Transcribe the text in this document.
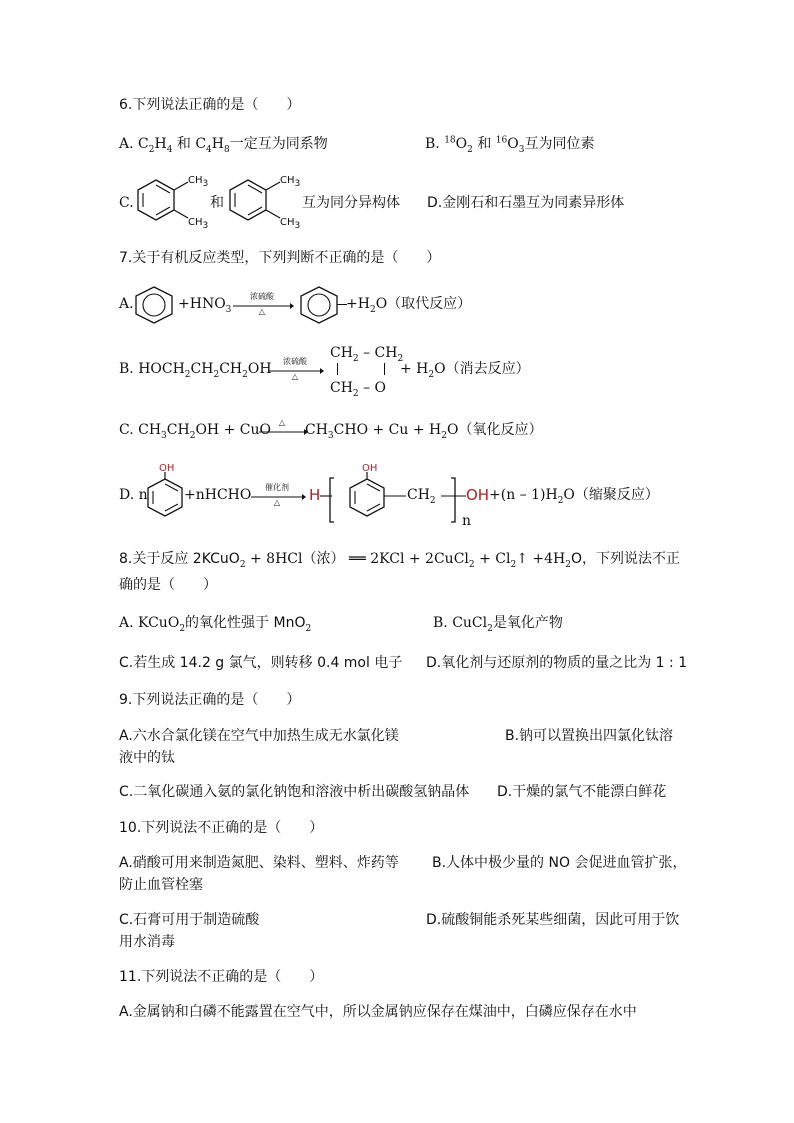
6.下列说法正确的是（　　）
A. $C_2H_4$ 和 $C_4H_8$一定互为同系物	B. $^{18}O_2$ 和 $^{16}O_3$互为同位素
C.
$CH_3$
$CH_3$
和
$CH_3$
$CH_3$
互为同分异构体 D.金刚石和石墨互为同素异形体
7.关于有机反应类型，下列判断不正确的是（　　）
A.	$+HNO_3$
浓硫酸
△	$+H_2O$（取代反应）
B. $HOCH_2CH_2CH_2OH$	浓硫酸
△
$CH_2 - CH_2$
$CH_2$ – O
+ $H_2O$（消去反应）
C. $CH_3CH_2OH$ + CuO △	$CH_3CHO + Cu + H_2O$（氧化反应）
D. n
OH
+nHCHO	催化剂
△	H
OH
$CH_2$ OH
n
$+(n - 1)H_2O$（缩聚反应）
8.关于反应 2KCuO$_2$ + 8HCl（浓） ══ 2KCl + 2CuCl$_2$ + $Cl_2↑ +4H_2O$，下列说法不正
确的是（　　）
A. KCuO$_2$的氧化性强于 MnO$_2$	B. CuCl$_2$是氧化产物
C.若生成 14.2 g 氯气，则转移 0.4 mol 电子 D.氧化剂与还原剂的物质的量之比为 1 : 1
9.下列说法正确的是（　　）
A.六水合氯化镁在空气中加热生成无水氯化镁	B.钠可以置换出四氯化钛溶
液中的钛
C.二氧化碳通入氨的氯化钠饱和溶液中析出碳酸氢钠晶体 D.干燥的氯气不能漂白鲜花
10.下列说法不正确的是（　　）
A.硝酸可用来制造氮肥、染料、塑料、炸药等 B.人体中极少量的 NO 会促进血管扩张，
防止血管栓塞
C.石膏可用于制造硫酸	D.硫酸铜能杀死某些细菌，因此可用于饮
用水消毒
11.下列说法不正确的是（　　）
A.金属钠和白磷不能露置在空气中，所以金属钠应保存在煤油中，白磷应保存在水中
